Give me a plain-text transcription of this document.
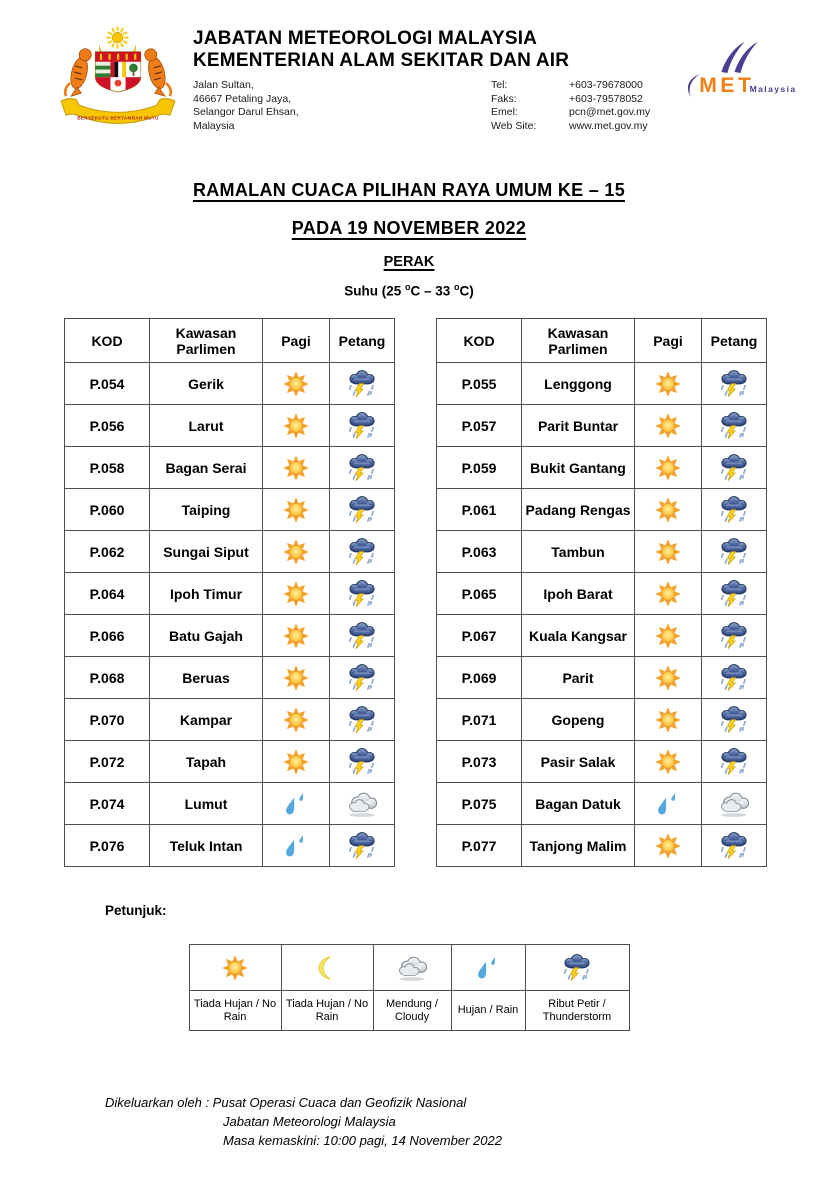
BERSEKUTU BERTAMBAH MUTU
JABATAN METEOROLOGI MALAYSIA
KEMENTERIAN ALAM SEKITAR DAN AIR
Jalan Sultan,
46667 Petaling Jaya,
Selangor Darul Ehsan,
Malaysia
Tel:	+603-79678000
Faks:	+603-79578052
Emel:	pcn@met.gov.my
Web Site:	www.met.gov.my
MET
Malaysia
RAMALAN CUACA PILIHAN RAYA UMUM KE – 15
PADA 19 NOVEMBER 2022
PERAK
Suhu (25 $^o$C – 33 $^o$C)
KOD	Kawasan Parlimen	Pagi	Petang
P.054	Gerik		
P.056	Larut		
P.058	Bagan Serai		
P.060	Taiping		
P.062	Sungai Siput		
P.064	Ipoh Timur		
P.066	Batu Gajah		
P.068	Beruas		
P.070	Kampar		
P.072	Tapah		
P.074	Lumut		
P.076	Teluk Intan		
KOD	Kawasan Parlimen	Pagi	Petang
P.055	Lenggong		
P.057	Parit Buntar		
P.059	Bukit Gantang		
P.061	Padang Rengas		
P.063	Tambun		
P.065	Ipoh Barat		
P.067	Kuala Kangsar		
P.069	Parit		
P.071	Gopeng		
P.073	Pasir Salak		
P.075	Bagan Datuk		
P.077	Tanjong Malim		
Petunjuk:

Tiada Hujan / No Rain	Tiada Hujan / No Rain	Mendung / Cloudy	Hujan / Rain	Ribut Petir / Thunderstorm
Dikeluarkan oleh : Pusat Operasi Cuaca dan Geofizik Nasional
Jabatan Meteorologi Malaysia
Masa kemaskini: 10:00 pagi, 14 November 2022
